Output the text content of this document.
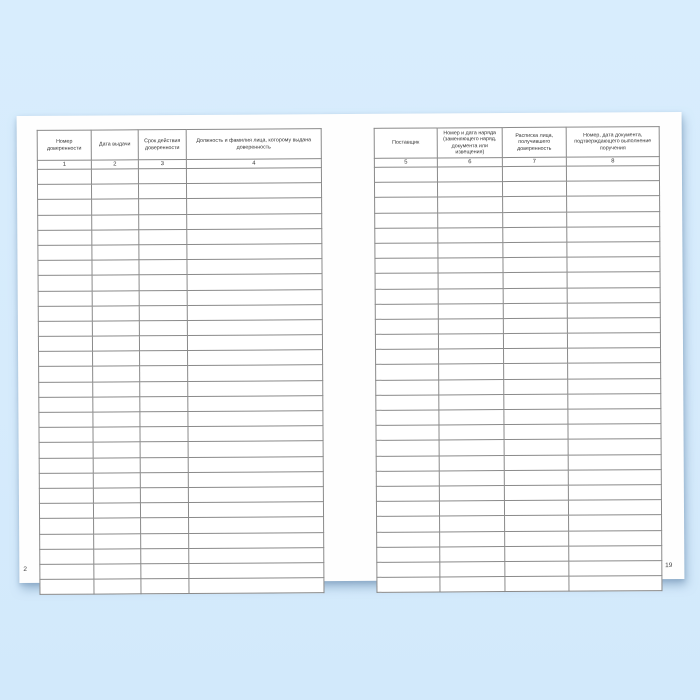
Номер доверенности	Дата выдачи	Срок действия доверенности	Должность и фамилия лица, которому выдана доверенность
1	2	3	4

Поставщик	Номер и дата наряда (заменяющего наряд, документа или извещения)	Расписка лица, получившего доверенность	Номер, дата документа, подтверждающего выполнение поручения
5	6	7	8

2
19
